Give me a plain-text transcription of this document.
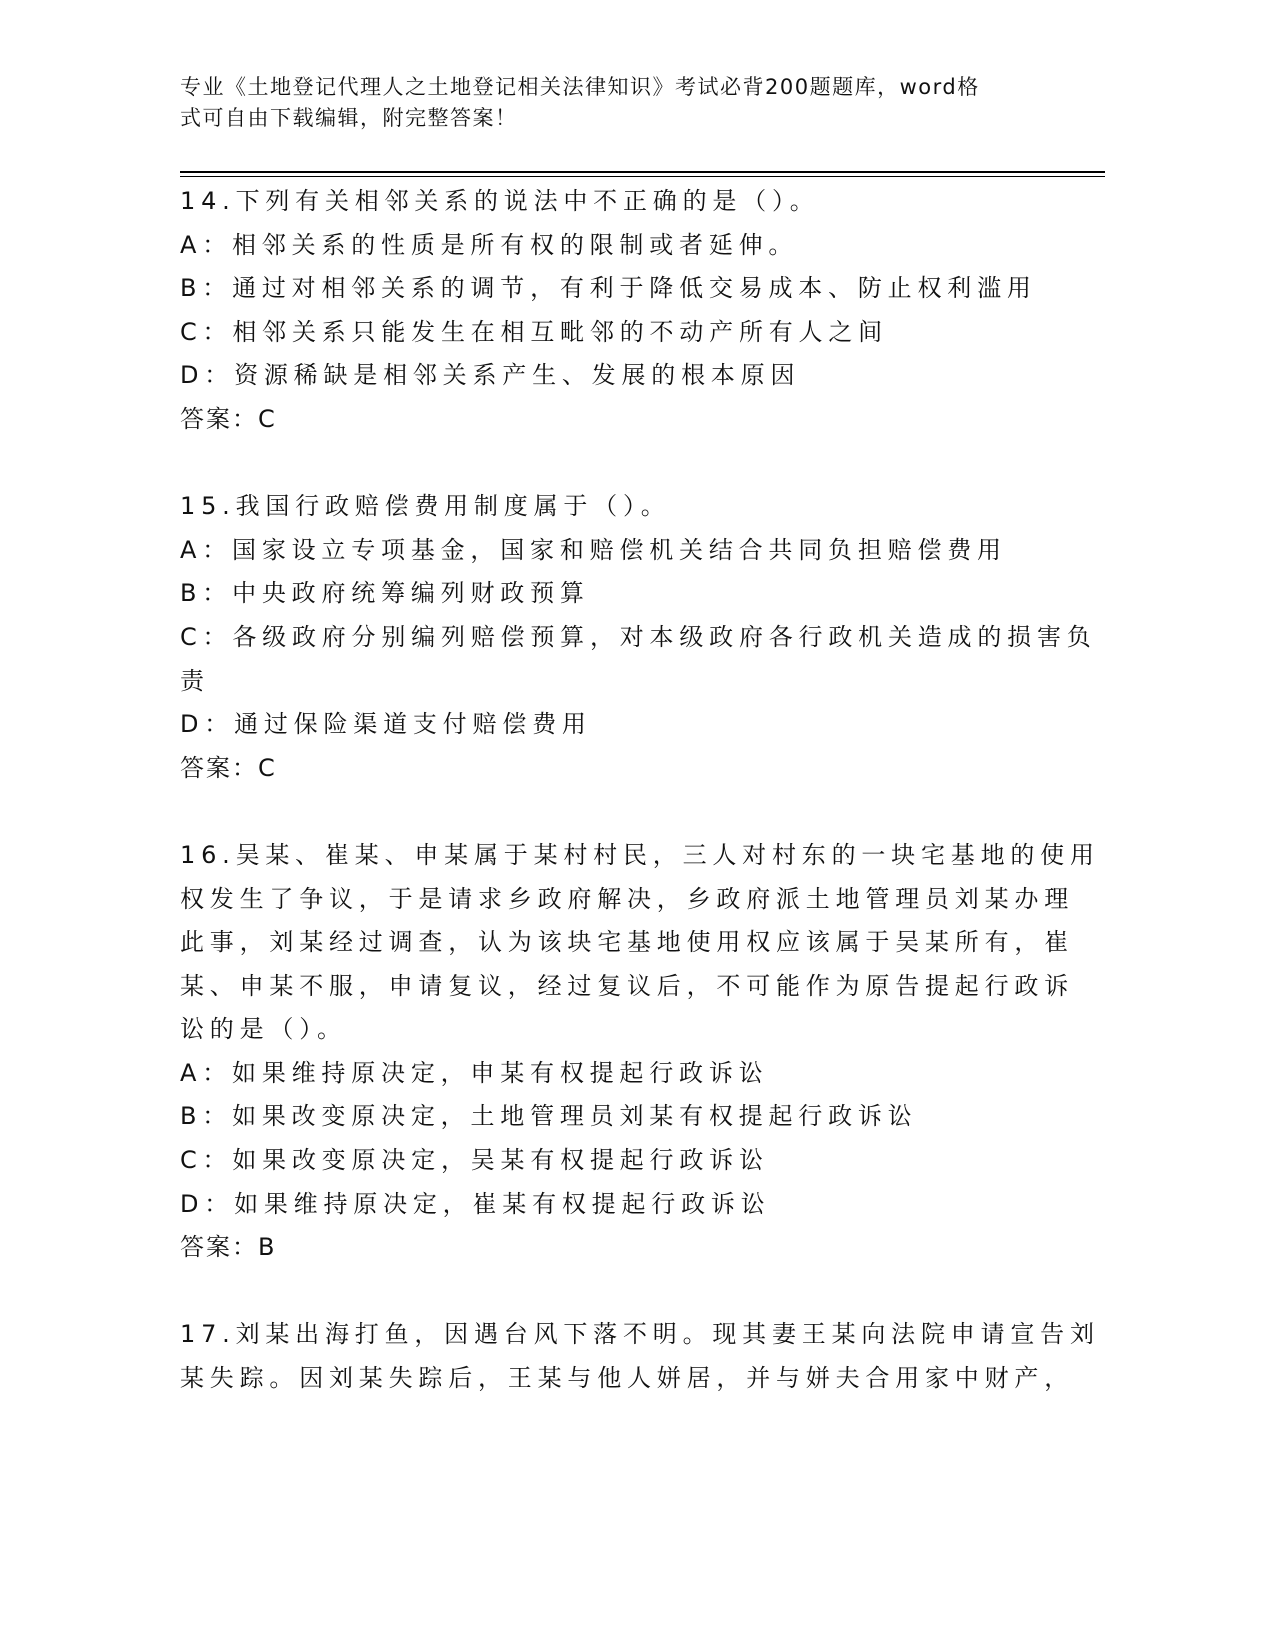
专业《土地登记代理人之土地登记相关法律知识》考试必背200题题库，word格
式可自由下载编辑，附完整答案！
14.下列有关相邻关系的说法中不正确的是（）。
A：相邻关系的性质是所有权的限制或者延伸。
B：通过对相邻关系的调节，有利于降低交易成本、防止权利滥用
C：相邻关系只能发生在相互毗邻的不动产所有人之间
D：资源稀缺是相邻关系产生、发展的根本原因
答案：C
15.我国行政赔偿费用制度属于（）。
A：国家设立专项基金，国家和赔偿机关结合共同负担赔偿费用
B：中央政府统筹编列财政预算
C：各级政府分别编列赔偿预算，对本级政府各行政机关造成的损害负
责
D：通过保险渠道支付赔偿费用
答案：C
16.吴某、崔某、申某属于某村村民，三人对村东的一块宅基地的使用
权发生了争议，于是请求乡政府解决，乡政府派土地管理员刘某办理
此事，刘某经过调查，认为该块宅基地使用权应该属于吴某所有，崔
某、申某不服，申请复议，经过复议后，不可能作为原告提起行政诉
讼的是（）。
A：如果维持原决定，申某有权提起行政诉讼
B：如果改变原决定，土地管理员刘某有权提起行政诉讼
C：如果改变原决定，吴某有权提起行政诉讼
D：如果维持原决定，崔某有权提起行政诉讼
答案：B
17.刘某出海打鱼，因遇台风下落不明。现其妻王某向法院申请宣告刘
某失踪。因刘某失踪后，王某与他人姘居，并与姘夫合用家中财产，
